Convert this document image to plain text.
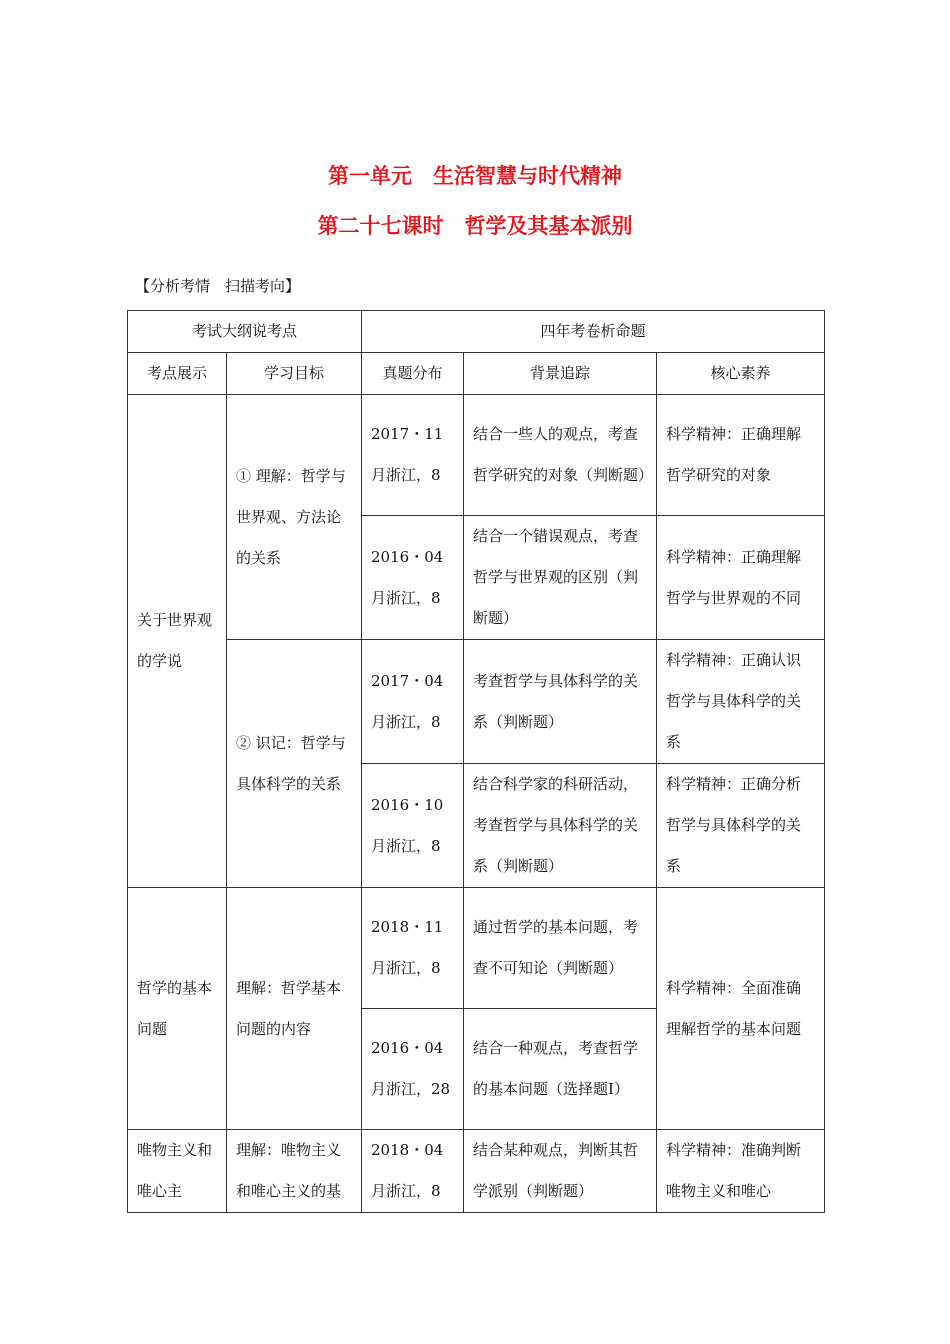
第一单元　生活智慧与时代精神
第二十七课时　哲学及其基本派别
【分析考情　扫描考向】
考试大纲说考点		四年考卷析命题		
考点展示	学习目标	真题分布	背景追踪	核心素养
关于世界观的学说	① 理解：哲学与世界观、方法论的关系	2017・11月浙江，8	结合一些人的观点，考查哲学研究的对象（判断题）	科学精神：正确理解哲学研究的对象
		2016・04月浙江，8	结合一个错误观点，考查哲学与世界观的区别（判断题）	科学精神：正确理解哲学与世界观的不同
	② 识记：哲学与具体科学的关系	2017・04月浙江，8	考查哲学与具体科学的关系（判断题）	科学精神：正确认识哲学与具体科学的关系
		2016・10月浙江，8	结合科学家的科研活动，考查哲学与具体科学的关系（判断题）	科学精神：正确分析哲学与具体科学的关系
哲学的基本问题	理解：哲学基本问题的内容	2018・11月浙江，8	通过哲学的基本问题，考查不可知论（判断题）	科学精神：全面准确理解哲学的基本问题
		2016・04月浙江，28	结合一种观点，考查哲学的基本问题（选择题Ⅰ）	
唯物主义和唯心主	理解：唯物主义和唯心主义的基	2018・04月浙江，8	结合某种观点，判断其哲学派别（判断题）	科学精神：准确判断唯物主义和唯心
